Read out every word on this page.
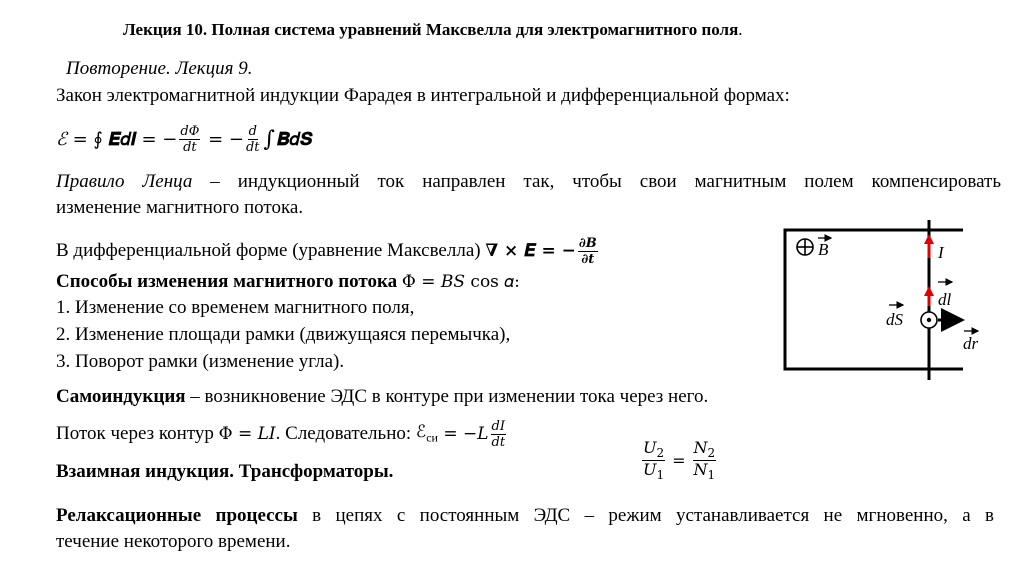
Лекция 10. Полная система уравнений Максвелла для электромагнитного поля.
Повторение. Лекция 9.
Закон электромагнитной индукции Фарадея в интегральной и дифференциальной формах:
ℰ = ∮ 𝑬𝑑𝒍 = − $\frac{d\Phi}{dt}$ = − $\frac{d}{dt}$ ∫ 𝑩𝑑𝑺
Правило Ленца – индукционный ток направлен так, чтобы свои магнитным полем компенсировать
изменение магнитного потока.
В дифференциальной форме (уравнение Максвелла) 𝛁 × 𝑬 = − $\frac{\text{∂𝑩}}{\text{∂𝒕}}$
Способы изменения магнитного потока Φ = 𝐵𝑆 cos 𝛼:
1. Изменение со временем магнитного поля,
2. Изменение площади рамки (движущаяся перемычка),
3. Поворот рамки (изменение угла).
Самоиндукция – возникновение ЭДС в контуре при изменении тока через него.
Поток через контур Φ = 𝐿𝐼 . Следовательно: ℰ$_{си}$ = −𝐿 $\frac{dI}{dt}$
Взаимная индукция. Трансформаторы.	$\frac{U_2}{U_1} = \frac{N_2}{N_1}$
Релаксационные процессы в цепях с постоянным ЭДС – режим устанавливается не мгновенно, а в
течение некоторого времени.
B	I
dl
dS
dr
